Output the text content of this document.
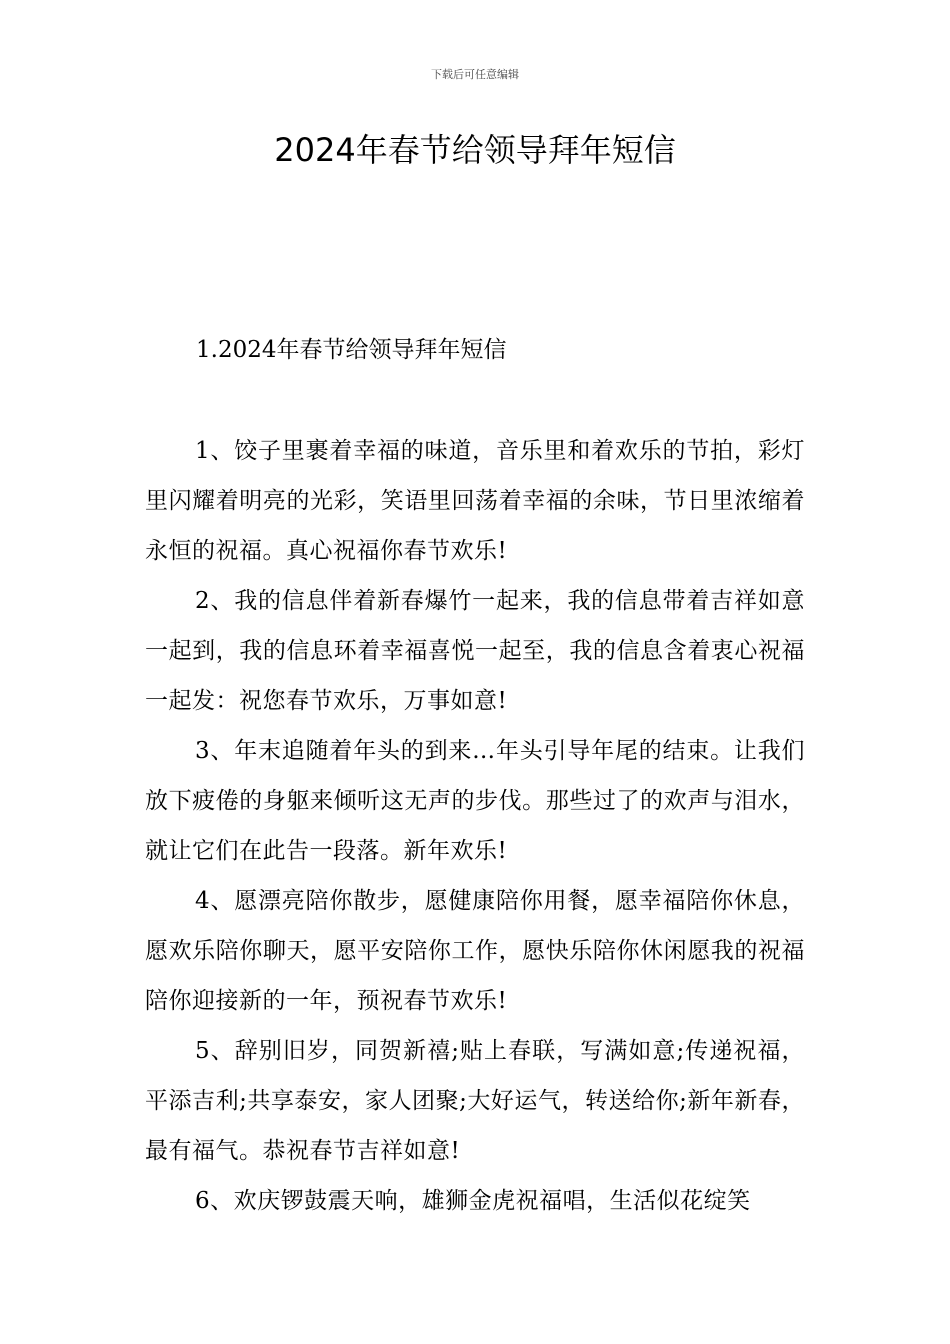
下载后可任意编辑
2024年春节给领导拜年短信
1.2024年春节给领导拜年短信

1、饺子里裹着幸福的味道，音乐里和着欢乐的节拍，彩灯里闪耀着明亮的光彩，笑语里回荡着幸福的余味，节日里浓缩着永恒的祝福。真心祝福你春节欢乐!

2、我的信息伴着新春爆竹一起来，我的信息带着吉祥如意一起到，我的信息环着幸福喜悦一起至，我的信息含着衷心祝福一起发：祝您春节欢乐，万事如意!

3、年末追随着年头的到来…年头引导年尾的结束。让我们放下疲倦的身躯来倾听这无声的步伐。那些过了的欢声与泪水，就让它们在此告一段落。新年欢乐!

4、愿漂亮陪你散步，愿健康陪你用餐，愿幸福陪你休息，愿欢乐陪你聊天，愿平安陪你工作，愿快乐陪你休闲愿我的祝福陪你迎接新的一年，预祝春节欢乐!

5、辞别旧岁，同贺新禧;贴上春联，写满如意;传递祝福，平添吉利;共享泰安，家人团聚;大好运气，转送给你;新年新春，最有福气。恭祝春节吉祥如意!

6、欢庆锣鼓震天响，雄狮金虎祝福唱，生活似花绽笑
